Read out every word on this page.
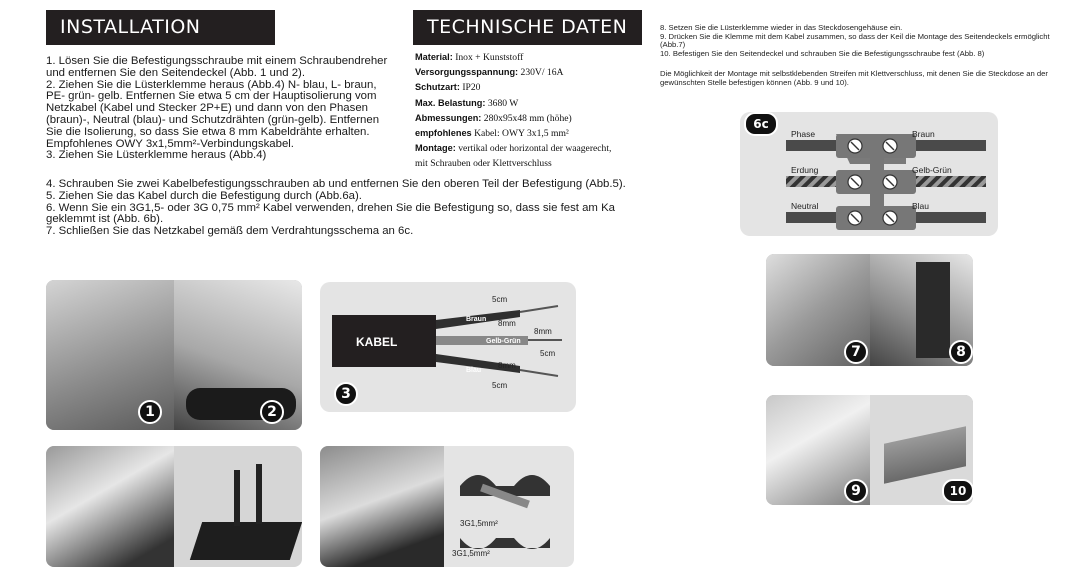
INSTALLATION
1. Lösen Sie die Befestigungsschraube mit einem Schraubendreher
und entfernen Sie den Seitendeckel (Abb. 1 und 2).
2. Ziehen Sie die Lüsterklemme heraus (Abb.4) N- blau, L- braun,
PE- grün- gelb. Entfernen Sie etwa 5 cm der Hauptisolierung vom
Netzkabel (Kabel und Stecker 2P+E) und dann von den Phasen
(braun)-, Neutral (blau)- und Schutzdrähten (grün-gelb). Entfernen
Sie die Isolierung, so dass Sie etwa 8 mm Kabeldrähte erhalten.
Empfohlenes OWY 3x1,5mm²-Verbindungskabel.
3. Ziehen Sie Lüsterklemme heraus (Abb.4)
4. Schrauben Sie zwei Kabelbefestigungsschrauben ab und entfernen Sie den oberen Teil der Befestigung (Abb.5).
5. Ziehen Sie das Kabel durch die Befestigung durch (Abb.6a).
6. Wenn Sie ein 3G1,5- oder 3G 0,75 mm² Kabel verwenden, drehen Sie die Befestigung so, dass sie fest am Ka
geklemmt ist (Abb. 6b).
7. Schließen Sie das Netzkabel gemäß dem Verdrahtungsschema an 6c.
TECHNISCHE DATEN
Material: Inox + Kunststoff
Versorgungsspannung: 230V/ 16A
Schutzart: IP20
Max. Belastung: 3680 W
Abmessungen: 280x95x48 mm (höhe)
empfohlenes Kabel: OWY 3x1,5 mm²
Montage: vertikal oder horizontal der waagerecht,
mit Schrauben oder Klettverschluss
8. Setzen Sie die Lüsterklemme wieder in das Steckdosengehäuse ein.
9. Drücken Sie die Klemme mit dem Kabel zusammen, so dass der Keil die Montage des Seitendeckels ermöglicht
(Abb.7)
10. Befestigen Sie den Seitendeckel und schrauben Sie die Befestigungsschraube fest (Abb. 8)
Die Möglichkeit der Montage mit selbstklebenden Streifen mit Klettverschluss, mit denen Sie die Steckdose an der
gewünschten Stelle befestigen können (Abb. 9 und 10).
Phase	Braun
Erdung	Gelb-Grün
Neutral	Blau
6c
1	2
KABEL
Braun
Gelb-Grün
Blau
5cm
8mm
8mm
5cm
8mm
5cm
3
3G1,5mm²
3G1,5mm²
7	8
9	10
